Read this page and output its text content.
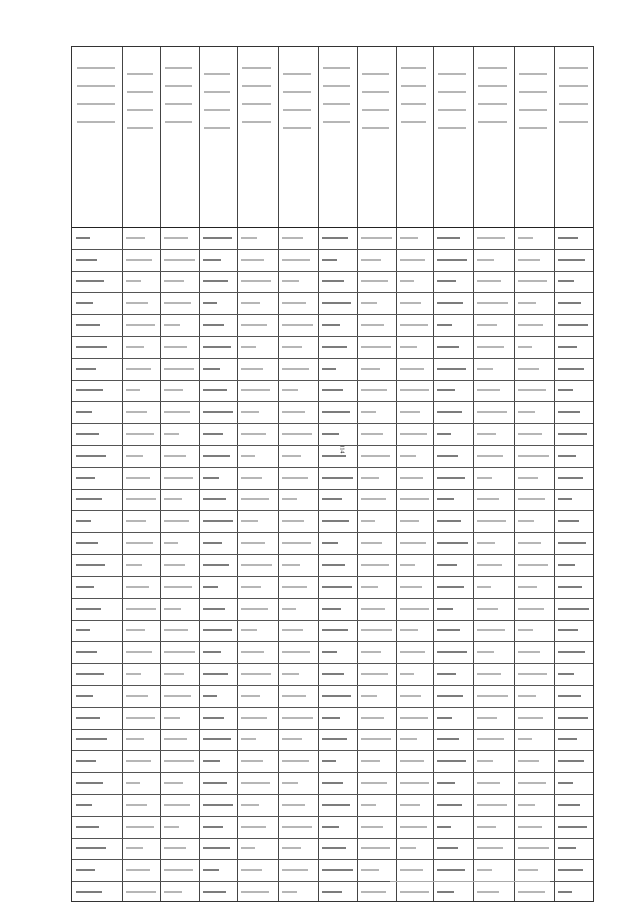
114
